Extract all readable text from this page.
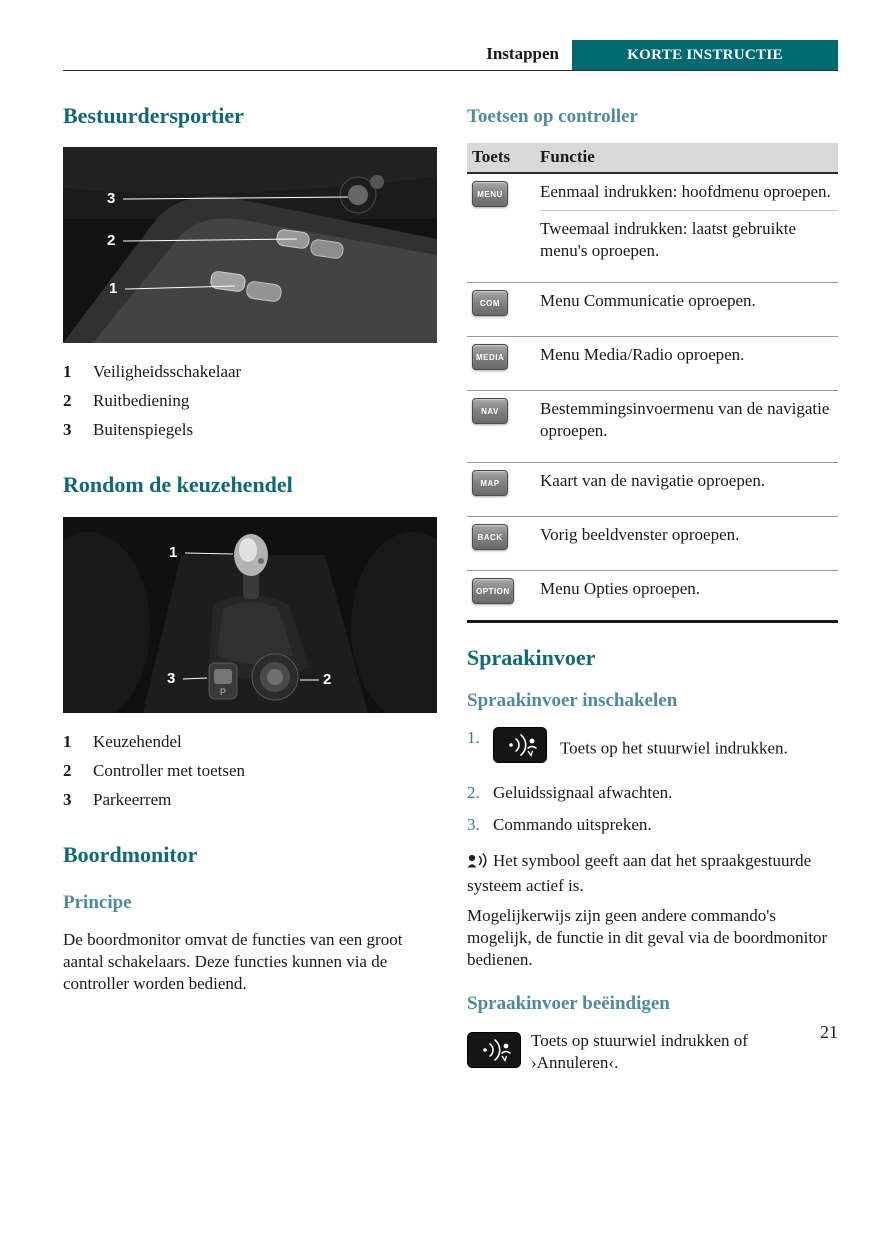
Instappen	KORTE INSTRUCTIE
Bestuurdersportier
3
2
1
1	Veiligheidsschakelaar
2	Ruitbediening
3	Buitenspiegels
Rondom de keuzehendel
P
1
3	2
1	Keuzehendel
2	Controller met toetsen
3	Parkeerrem
Boordmonitor
Principe

De boordmonitor omvat de functies van een groot aantal schakelaars. Deze functies kunnen via de controller worden bediend.

Toetsen op controller
Toets	Functie
MENU	Eenmaal indrukken: hoofdmenu oproepen.

Tweemaal indrukken: laatst gebruikte menu's oproepen.

COM	Menu Communicatie oproepen.

MEDIA	Menu Media/Radio oproepen.

NAV	Bestemmingsinvoermenu van de navigatie oproepen.

MAP	Kaart van de navigatie oproepen.

BACK	Vorig beeldvenster oproepen.

OPTION	Menu Opties oproepen.

Spraakinvoer
Spraakinvoer inschakelen
1.
Toets op het stuurwiel indrukken.
2. Geluidssignaal afwachten.
3. Commando uitspreken.

Het symbool geeft aan dat het spraakgestuurde systeem actief is.

Mogelijkerwijs zijn geen andere commando's mogelijk, de functie in dit geval via de boordmonitor bedienen.

Spraakinvoer beëindigen
Toets op stuurwiel indrukken of ›Annuleren‹.
21
